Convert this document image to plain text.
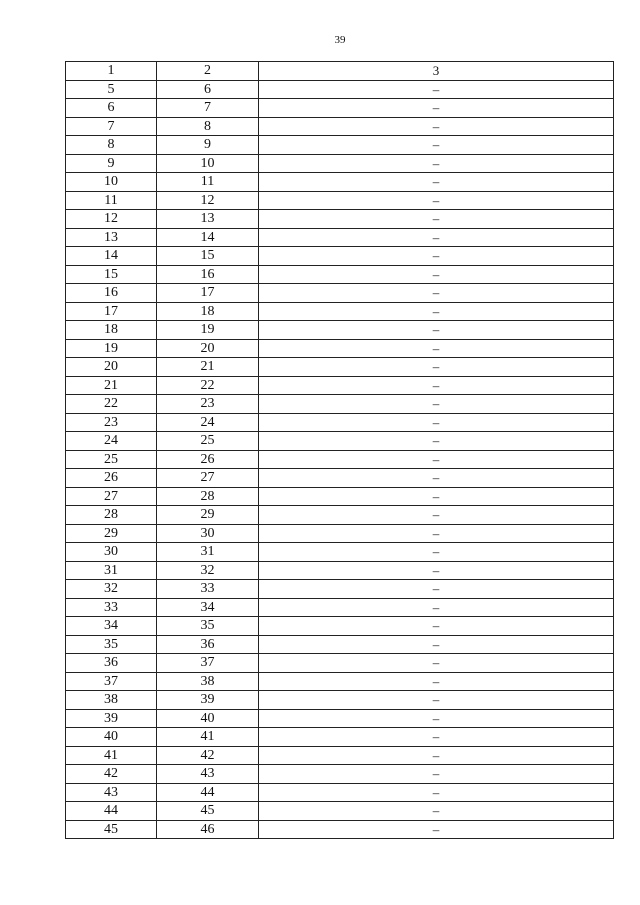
39
1	2	3
5	6	–
6	7	–
7	8	–
8	9	–
9	10	–
10	11	–
11	12	–
12	13	–
13	14	–
14	15	–
15	16	–
16	17	–
17	18	–
18	19	–
19	20	–
20	21	–
21	22	–
22	23	–
23	24	–
24	25	–
25	26	–
26	27	–
27	28	–
28	29	–
29	30	–
30	31	–
31	32	–
32	33	–
33	34	–
34	35	–
35	36	–
36	37	–
37	38	–
38	39	–
39	40	–
40	41	–
41	42	–
42	43	–
43	44	–
44	45	–
45	46	–
